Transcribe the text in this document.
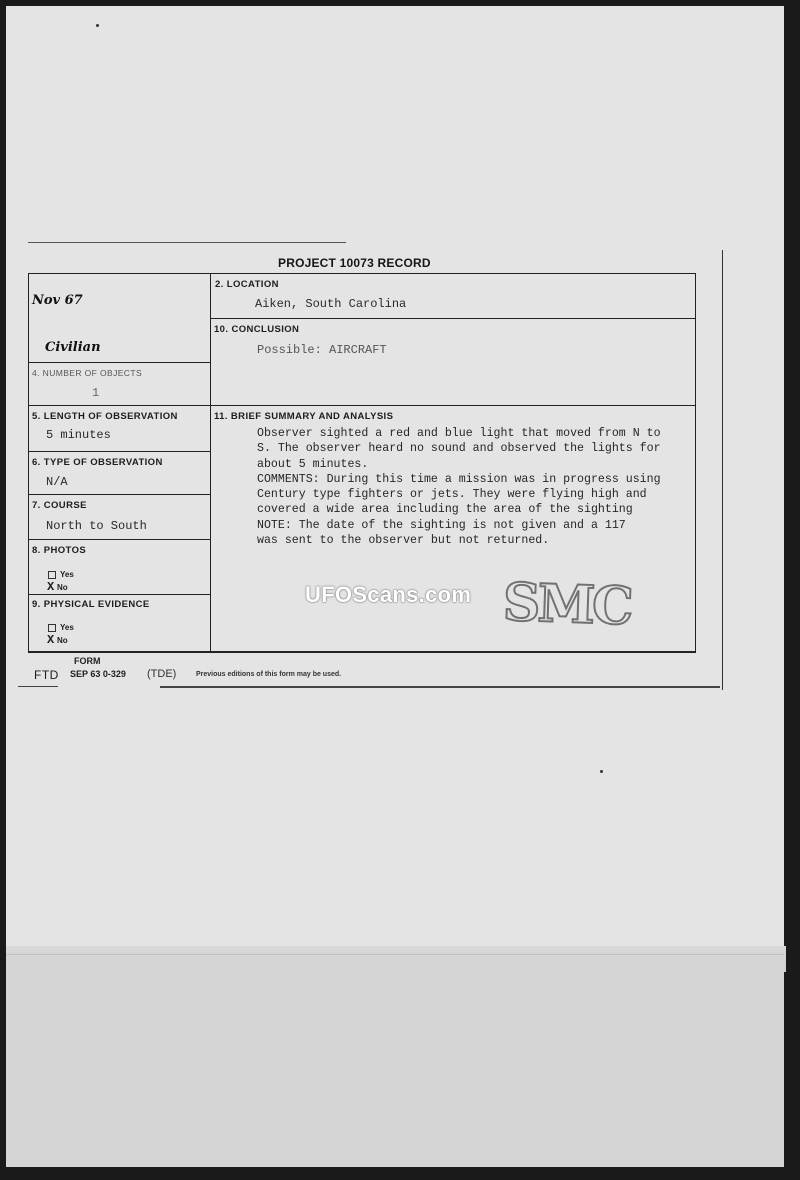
PROJECT 10073 RECORD
Nov 67
2. LOCATION
Aiken, South Carolina
Civilian
10. CONCLUSION
Possible: AIRCRAFT
4. NUMBER OF OBJECTS
1
5. LENGTH OF OBSERVATION
5 minutes
6. TYPE OF OBSERVATION
N/A
7. COURSE
North to South
8. PHOTOS
Yes
X No
9. PHYSICAL EVIDENCE
Yes
X No
11. BRIEF SUMMARY AND ANALYSIS
Observer sighted a red and blue light that moved from N to
S. The observer heard no sound and observed the lights for
about 5 minutes.
COMMENTS: During this time a mission was in progress using
Century type fighters or jets. They were flying high and
covered a wide area including the area of the sighting
NOTE: The date of the sighting is not given and a 117
was sent to the observer but not returned.
UFOScans.com SMC
FORM
FTD SEP 63 0-329 (TDE)	Previous editions of this form may be used.
